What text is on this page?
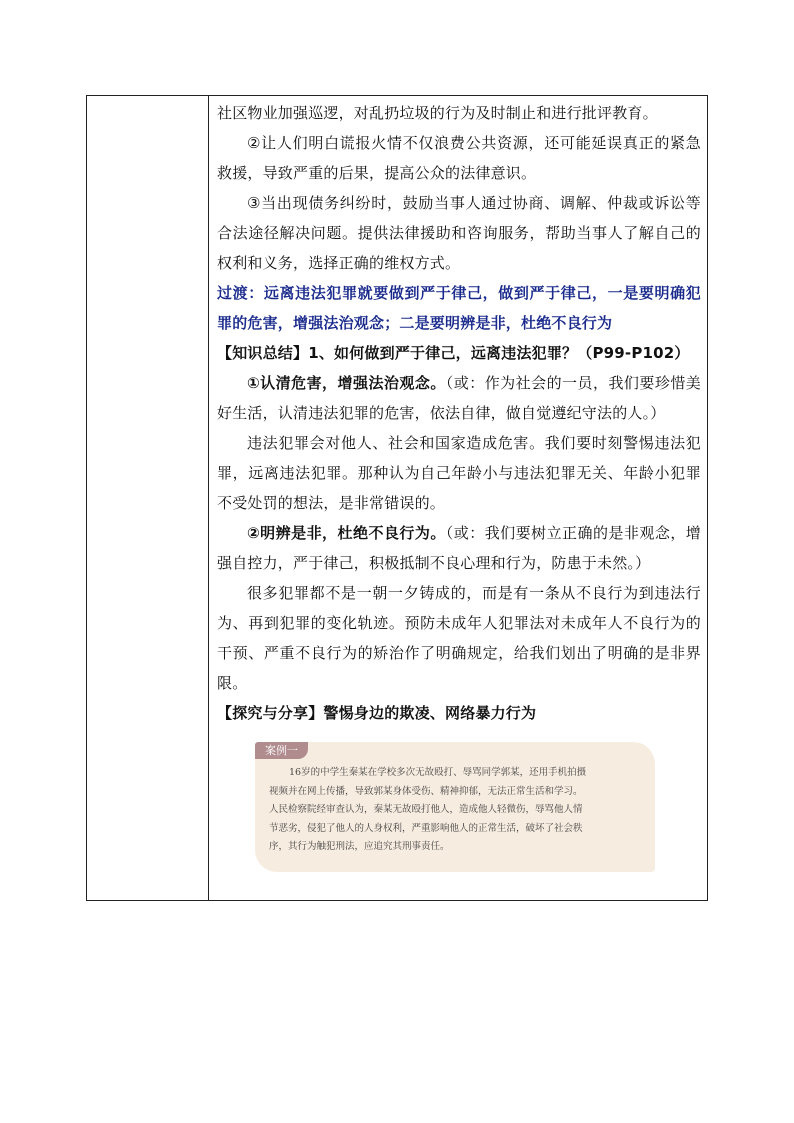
社区物业加强巡逻，对乱扔垃圾的行为及时制止和进行批评教育。

②让人们明白谎报火情不仅浪费公共资源，还可能延误真正的紧急救援，导致严重的后果，提高公众的法律意识。

③当出现债务纠纷时，鼓励当事人通过协商、调解、仲裁或诉讼等合法途径解决问题。提供法律援助和咨询服务，帮助当事人了解自己的权利和义务，选择正确的维权方式。

过渡：远离违法犯罪就要做到严于律己，做到严于律己，一是要明确犯罪的危害，增强法治观念；二是要明辨是非，杜绝不良行为

【知识总结】1、如何做到严于律己，远离违法犯罪？（P99-P102）

①认清危害，增强法治观念。（或：作为社会的一员，我们要珍惜美好生活，认清违法犯罪的危害，依法自律，做自觉遵纪守法的人。）

违法犯罪会对他人、社会和国家造成危害。我们要时刻警惕违法犯罪，远离违法犯罪。那种认为自己年龄小与违法犯罪无关、年龄小犯罪不受处罚的想法，是非常错误的。

②明辨是非，杜绝不良行为。（或：我们要树立正确的是非观念，增强自控力，严于律己，积极抵制不良心理和行为，防患于未然。）

很多犯罪都不是一朝一夕铸成的，而是有一条从不良行为到违法行为、再到犯罪的变化轨迹。预防未成年人犯罪法对未成年人不良行为的干预、严重不良行为的矫治作了明确规定，给我们划出了明确的是非界限。

【探究与分享】警惕身边的欺凌、网络暴力行为

案例一
16岁的中学生秦某在学校多次无故殴打、辱骂同学郭某，还用手机拍摄
视频并在网上传播，导致郭某身体受伤、精神抑郁，无法正常生活和学习。
人民检察院经审查认为，秦某无故殴打他人，造成他人轻微伤，辱骂他人情
节恶劣，侵犯了他人的人身权利，严重影响他人的正常生活，破坏了社会秩
序，其行为触犯刑法，应追究其刑事责任。
